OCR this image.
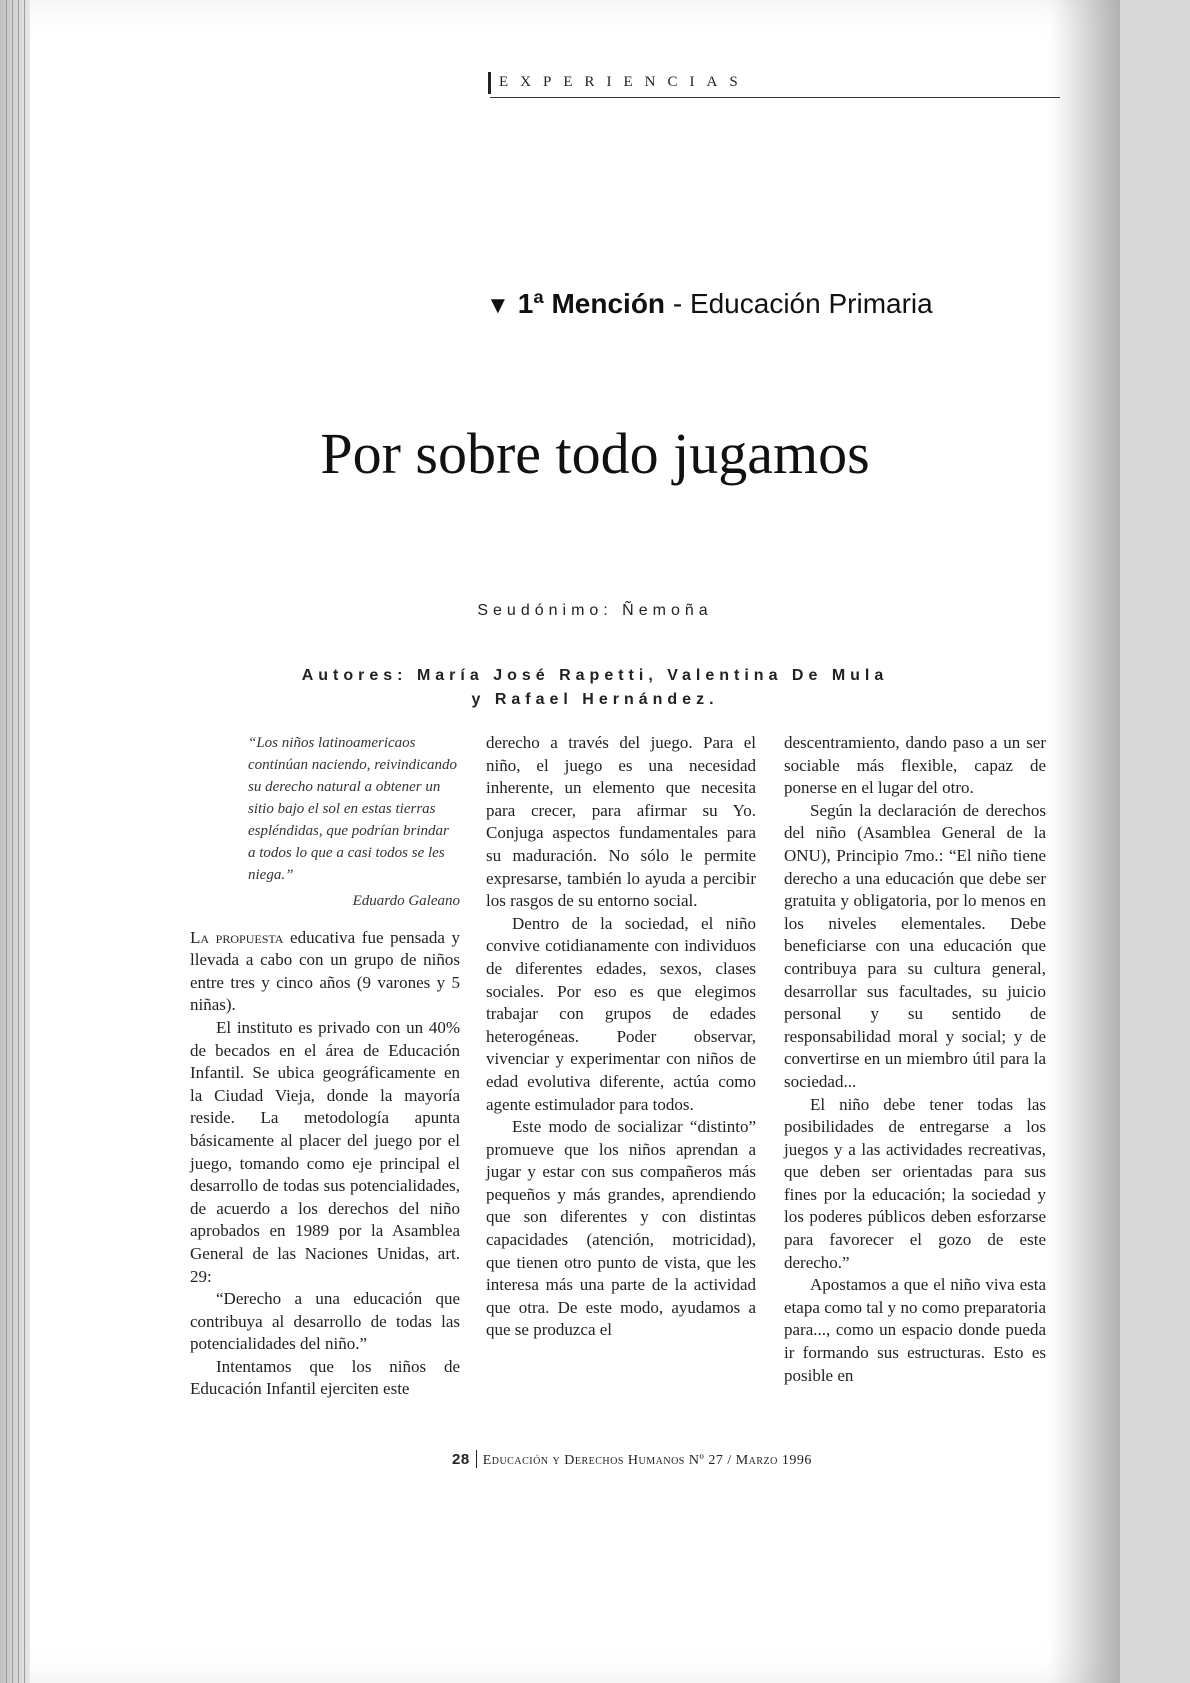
EXPERIENCIAS
▼ 1ª Mención - Educación Primaria
Por sobre todo jugamos
Seudónimo: Ñemoña
Autores: María José Rapetti, Valentina De Mula
y Rafael Hernández.
“Los niños latinoamericaos continúan naciendo, reivindicando su derecho natural a obtener un sitio bajo el sol en estas tierras espléndidas, que podrían brindar a todos lo que a casi todos se les niega.”
Eduardo Galeano

La propuesta educativa fue pensada y llevada a cabo con un grupo de niños entre tres y cinco años (9 varones y 5 niñas).

El instituto es privado con un 40% de becados en el área de Educación Infantil. Se ubica geográficamente en la Ciudad Vieja, donde la mayoría reside. La metodología apunta básicamente al placer del juego por el juego, tomando como eje principal el desarrollo de todas sus potencialidades, de acuerdo a los derechos del niño aprobados en 1989 por la Asamblea General de las Naciones Unidas, art. 29:

“Derecho a una educación que contribuya al desarrollo de todas las potencialidades del niño.”

Intentamos que los niños de Educación Infantil ejerciten este

derecho a través del juego. Para el niño, el juego es una necesidad inherente, un elemento que necesita para crecer, para afirmar su Yo. Conjuga aspectos fundamentales para su maduración. No sólo le permite expresarse, también lo ayuda a percibir los rasgos de su entorno social.

Dentro de la sociedad, el niño convive cotidianamente con individuos de diferentes edades, sexos, clases sociales. Por eso es que elegimos trabajar con grupos de edades heterogéneas. Poder observar, vivenciar y experimentar con niños de edad evolutiva diferente, actúa como agente estimulador para todos.

Este modo de socializar “distinto” promueve que los niños aprendan a jugar y estar con sus compañeros más pequeños y más grandes, aprendiendo que son diferentes y con distintas capacidades (atención, motricidad), que tienen otro punto de vista, que les interesa más una parte de la actividad que otra. De este modo, ayudamos a que se produzca el

descentramiento, dando paso a un ser sociable más flexible, capaz de ponerse en el lugar del otro.

Según la declaración de derechos del niño (Asamblea General de la ONU), Principio 7mo.: “El niño tiene derecho a una educación que debe ser gratuita y obligatoria, por lo menos en los niveles elementales. Debe beneficiarse con una educación que contribuya para su cultura general, desarrollar sus facultades, su juicio personal y su sentido de responsabilidad moral y social; y de convertirse en un miembro útil para la sociedad...

El niño debe tener todas las posibilidades de entregarse a los juegos y a las actividades recreativas, que deben ser orientadas para sus fines por la educación; la sociedad y los poderes públicos deben esforzarse para favorecer el gozo de este derecho.”

Apostamos a que el niño viva esta etapa como tal y no como preparatoria para..., como un espacio donde pueda ir formando sus estructuras. Esto es posible en

28 Educación y Derechos Humanos Nº 27 / Marzo 1996
